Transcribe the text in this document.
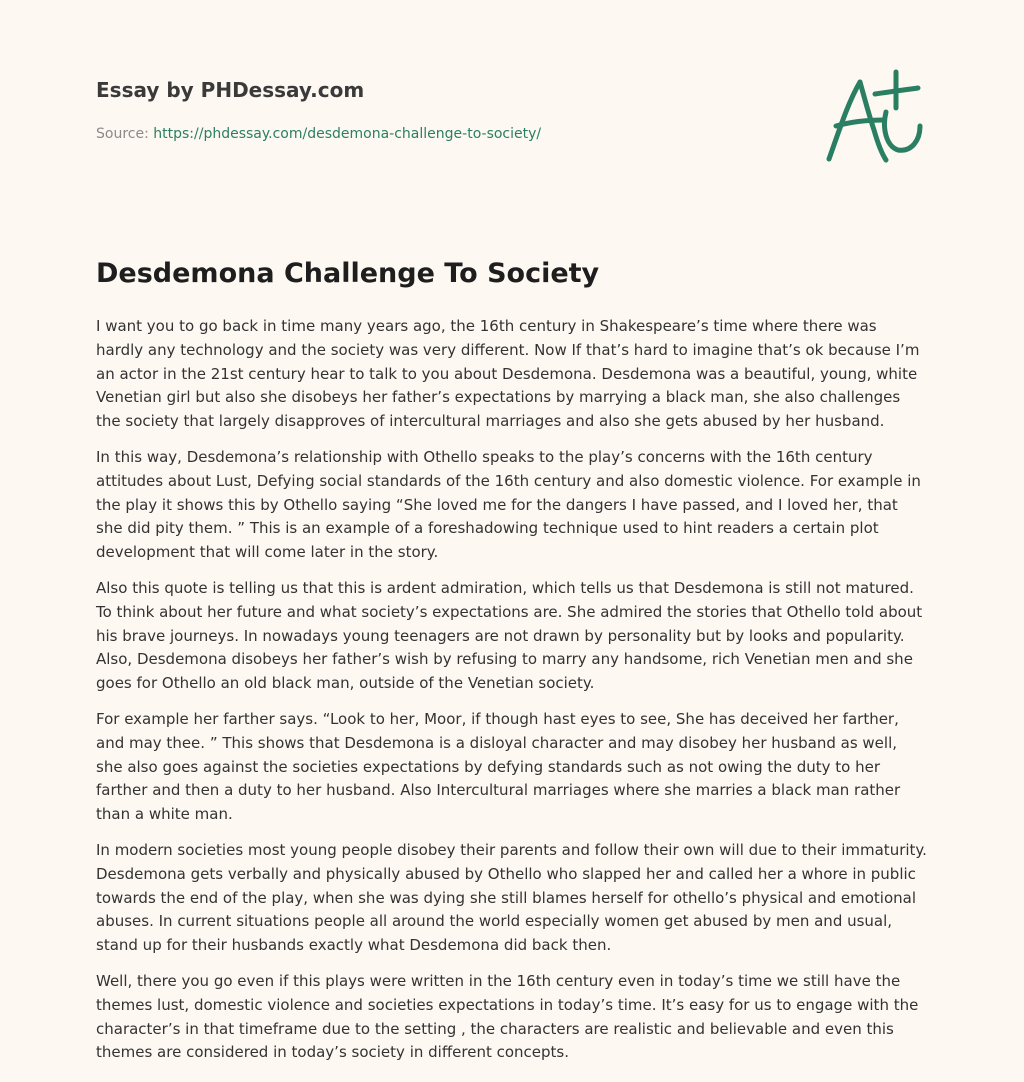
Essay by PHDessay.com

Source: https://phdessay.com/desdemona-challenge-to-society/
Desdemona Challenge To Society

I want you to go back in time many years ago, the 16th century in Shakespeare’s time where there was hardly any technology and the society was very different. Now If that’s hard to imagine that’s ok because I’m an actor in the 21st century hear to talk to you about Desdemona. Desdemona was a beautiful, young, white Venetian girl but also she disobeys her father’s expectations by marrying a black man, she also challenges the society that largely disapproves of intercultural marriages and also she gets abused by her husband.

In this way, Desdemona’s relationship with Othello speaks to the play’s concerns with the 16th century attitudes about Lust, Defying social standards of the 16th century and also domestic violence. For example in the play it shows this by Othello saying “She loved me for the dangers I have passed, and I loved her, that she did pity them. ” This is an example of a foreshadowing technique used to hint readers a certain plot development that will come later in the story.

Also this quote is telling us that this is ardent admiration, which tells us that Desdemona is still not matured. To think about her future and what society’s expectations are. She admired the stories that Othello told about his brave journeys. In nowadays young teenagers are not drawn by personality but by looks and popularity. Also, Desdemona disobeys her father’s wish by refusing to marry any handsome, rich Venetian men and she goes for Othello an old black man, outside of the Venetian society.

For example her farther says. “Look to her, Moor, if though hast eyes to see, She has deceived her farther, and may thee. ” This shows that Desdemona is a disloyal character and may disobey her husband as well, she also goes against the societies expectations by defying standards such as not owing the duty to her farther and then a duty to her husband. Also Intercultural marriages where she marries a black man rather than a white man.

In modern societies most young people disobey their parents and follow their own will due to their immaturity. Desdemona gets verbally and physically abused by Othello who slapped her and called her a whore in public towards the end of the play, when she was dying she still blames herself for othello’s physical and emotional abuses. In current situations people all around the world especially women get abused by men and usual, stand up for their husbands exactly what Desdemona did back then.

Well, there you go even if this plays were written in the 16th century even in today’s time we still have the themes lust, domestic violence and societies expectations in today’s time. It’s easy for us to engage with the character’s in that timeframe due to the setting , the characters are realistic and believable and even this themes are considered in today’s society in different concepts.
